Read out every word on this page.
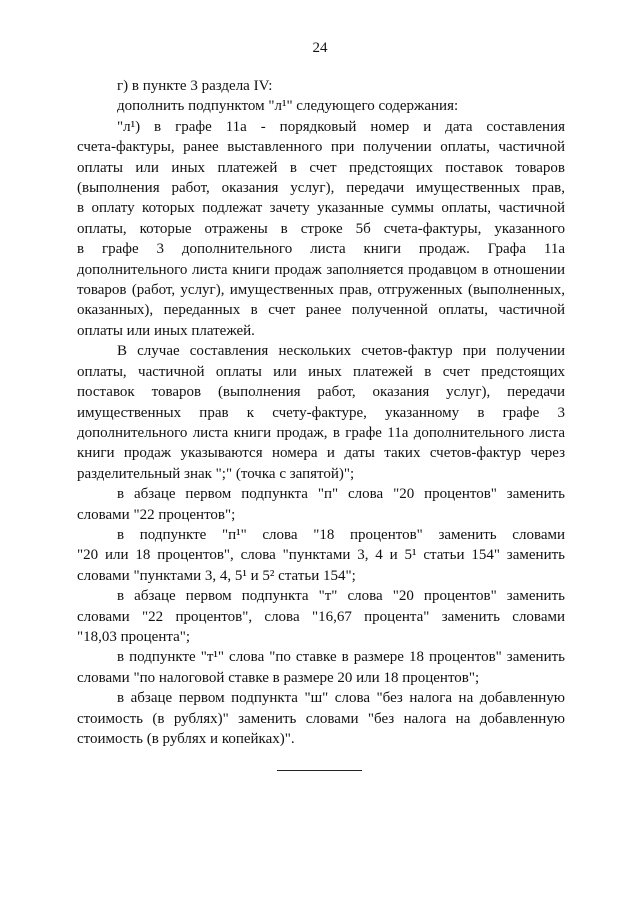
24
г) в пункте 3 раздела IV:
дополнить подпунктом "л¹" следующего содержания:
"л¹) в графе 11а - порядковый номер и дата составления
счета-фактуры, ранее выставленного при получении оплаты, частичной
оплаты или иных платежей в счет предстоящих поставок товаров
(выполнения работ, оказания услуг), передачи имущественных прав,
в оплату которых подлежат зачету указанные суммы оплаты, частичной
оплаты, которые отражены в строке 5б счета-фактуры, указанного
в графе 3 дополнительного листа книги продаж. Графа 11а
дополнительного листа книги продаж заполняется продавцом в отношении
товаров (работ, услуг), имущественных прав, отгруженных (выполненных,
оказанных), переданных в счет ранее полученной оплаты, частичной
оплаты или иных платежей.
В случае составления нескольких счетов-фактур при получении
оплаты, частичной оплаты или иных платежей в счет предстоящих
поставок товаров (выполнения работ, оказания услуг), передачи
имущественных прав к счету-фактуре, указанному в графе 3
дополнительного листа книги продаж, в графе 11а дополнительного листа
книги продаж указываются номера и даты таких счетов-фактур через
разделительный знак ";" (точка с запятой)";
в абзаце первом подпункта "п" слова "20 процентов" заменить
словами "22 процентов";
в подпункте "п¹" слова "18 процентов" заменить словами
"20 или 18 процентов", слова "пунктами 3, 4 и 5¹ статьи 154" заменить
словами "пунктами 3, 4, 5¹ и 5² статьи 154";
в абзаце первом подпункта "т" слова "20 процентов" заменить
словами "22 процентов", слова "16,67 процента" заменить словами
"18,03 процента";
в подпункте "т¹" слова "по ставке в размере 18 процентов" заменить
словами "по налоговой ставке в размере 20 или 18 процентов";
в абзаце первом подпункта "ш" слова "без налога на добавленную
стоимость (в рублях)" заменить словами "без налога на добавленную
стоимость (в рублях и копейках)".
